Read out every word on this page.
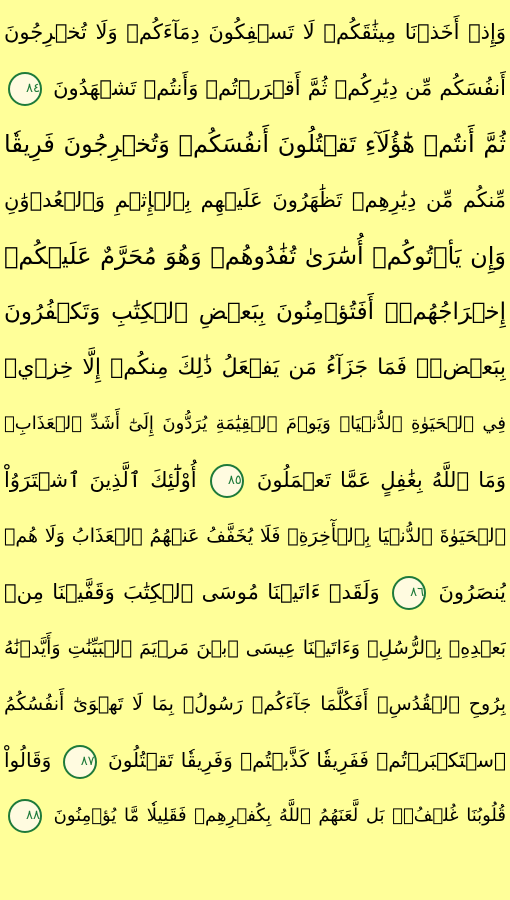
وَإِذۡ أَخَذۡنَا مِيثَٰقَكُمۡ لَا تَسۡفِكُونَ دِمَآءَكُمۡ وَلَا تُخۡرِجُونَ
أَنفُسَكُم مِّن دِيَٰرِكُمۡ ثُمَّ أَقۡرَرۡتُمۡ وَأَنتُمۡ تَشۡهَدُونَ ٨٤
ثُمَّ أَنتُمۡ هَٰٓؤُلَآءِ تَقۡتُلُونَ أَنفُسَكُمۡ وَتُخۡرِجُونَ فَرِيقٗا
مِّنكُم مِّن دِيَٰرِهِمۡ تَظَٰهَرُونَ عَلَيۡهِم بِٱلۡإِثۡمِ وَٱلۡعُدۡوَٰنِ
وَإِن يَأۡتُوكُمۡ أُسَٰرَىٰ تُفَٰدُوهُمۡ وَهُوَ مُحَرَّمٌ عَلَيۡكُمۡ
إِخۡرَاجُهُمۡۚ أَفَتُؤۡمِنُونَ بِبَعۡضِ ٱلۡكِتَٰبِ وَتَكۡفُرُونَ
بِبَعۡضٖۚ فَمَا جَزَآءُ مَن يَفۡعَلُ ذَٰلِكَ مِنكُمۡ إِلَّا خِزۡيٞ
فِي ٱلۡحَيَوٰةِ ٱلدُّنۡيَاۖ وَيَوۡمَ ٱلۡقِيَٰمَةِ يُرَدُّونَ إِلَىٰٓ أَشَدِّ ٱلۡعَذَابِۗ
وَمَا ٱللَّهُ بِغَٰفِلٍ عَمَّا تَعۡمَلُونَ ٨٥ أُوْلَٰٓئِكَ ٱلَّذِينَ ٱشۡتَرَوُاْ
ٱلۡحَيَوٰةَ ٱلدُّنۡيَا بِٱلۡأٓخِرَةِۖ فَلَا يُخَفَّفُ عَنۡهُمُ ٱلۡعَذَابُ وَلَا هُمۡ
يُنصَرُونَ ٨٦ وَلَقَدۡ ءَاتَيۡنَا مُوسَى ٱلۡكِتَٰبَ وَقَفَّيۡنَا مِنۢ
بَعۡدِهِۦ بِٱلرُّسُلِۖ وَءَاتَيۡنَا عِيسَى ٱبۡنَ مَرۡيَمَ ٱلۡبَيِّنَٰتِ وَأَيَّدۡنَٰهُ
بِرُوحِ ٱلۡقُدُسِۗ أَفَكُلَّمَا جَآءَكُمۡ رَسُولُۢ بِمَا لَا تَهۡوَىٰٓ أَنفُسُكُمُ
ٱسۡتَكۡبَرۡتُمۡ فَفَرِيقٗا كَذَّبۡتُمۡ وَفَرِيقٗا تَقۡتُلُونَ ٨٧ وَقَالُواْ
قُلُوبُنَا غُلۡفُۢۚ بَل لَّعَنَهُمُ ٱللَّهُ بِكُفۡرِهِمۡ فَقَلِيلٗا مَّا يُؤۡمِنُونَ ٨٨
